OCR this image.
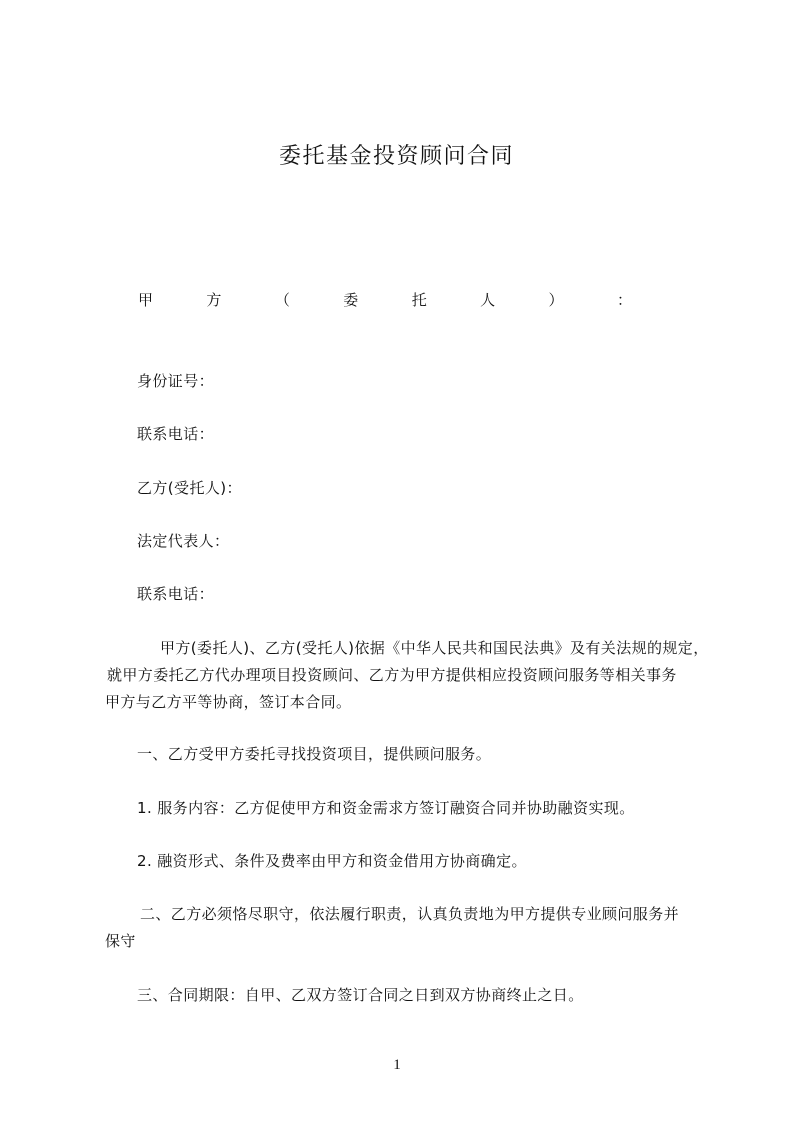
委托基金投资顾问合同
甲	方	（	委	托	人	）	：
身份证号：
联系电话：
乙方(受托人)：
法定代表人：
联系电话：
甲方(委托人)、乙方(受托人)依据《中华人民共和国民法典》及有关法规的规定，
就甲方委托乙方代办理项目投资顾问、乙方为甲方提供相应投资顾问服务等相关事务
甲方与乙方平等协商，签订本合同。
一、乙方受甲方委托寻找投资项目，提供顾问服务。
1. 服务内容：乙方促使甲方和资金需求方签订融资合同并协助融资实现。
2. 融资形式、条件及费率由甲方和资金借用方协商确定。
二、乙方必须恪尽职守，依法履行职责，认真负责地为甲方提供专业顾问服务并
保守
三、合同期限：自甲、乙双方签订合同之日到双方协商终止之日。
1
